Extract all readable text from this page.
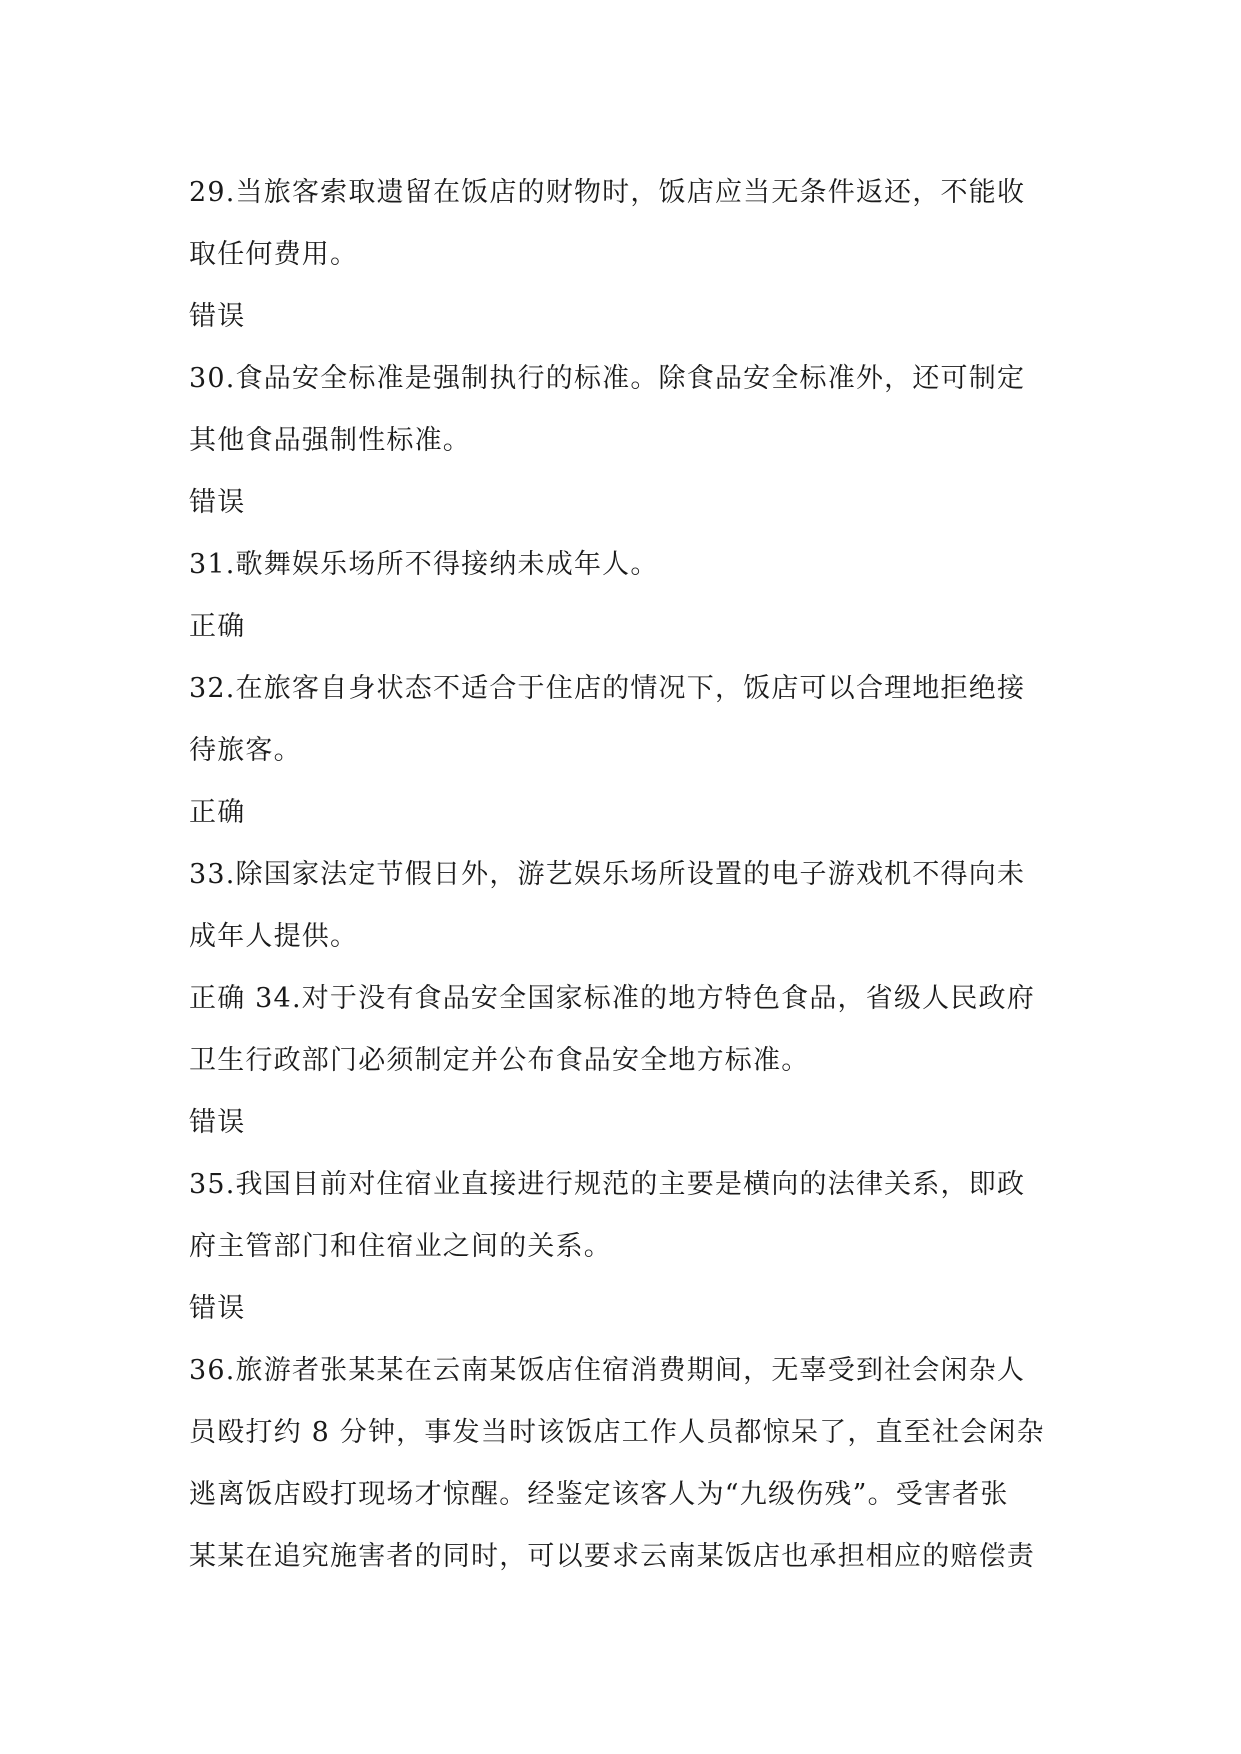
29.当旅客索取遗留在饭店的财物时，饭店应当无条件返还，不能收
取任何费用。
错误
30.食品安全标准是强制执行的标准。除食品安全标准外，还可制定
其他食品强制性标准。
错误
31.歌舞娱乐场所不得接纳未成年人。
正确
32.在旅客自身状态不适合于住店的情况下，饭店可以合理地拒绝接
待旅客。
正确
33.除国家法定节假日外，游艺娱乐场所设置的电子游戏机不得向未
成年人提供。
正确 34.对于没有食品安全国家标准的地方特色食品，省级人民政府
卫生行政部门必须制定并公布食品安全地方标准。
错误
35.我国目前对住宿业直接进行规范的主要是横向的法律关系，即政
府主管部门和住宿业之间的关系。
错误
36.旅游者张某某在云南某饭店住宿消费期间，无辜受到社会闲杂人
员殴打约 8 分钟，事发当时该饭店工作人员都惊呆了，直至社会闲杂
逃离饭店殴打现场才惊醒。经鉴定该客人为“九级伤残”。受害者张
某某在追究施害者的同时，可以要求云南某饭店也承担相应的赔偿责
